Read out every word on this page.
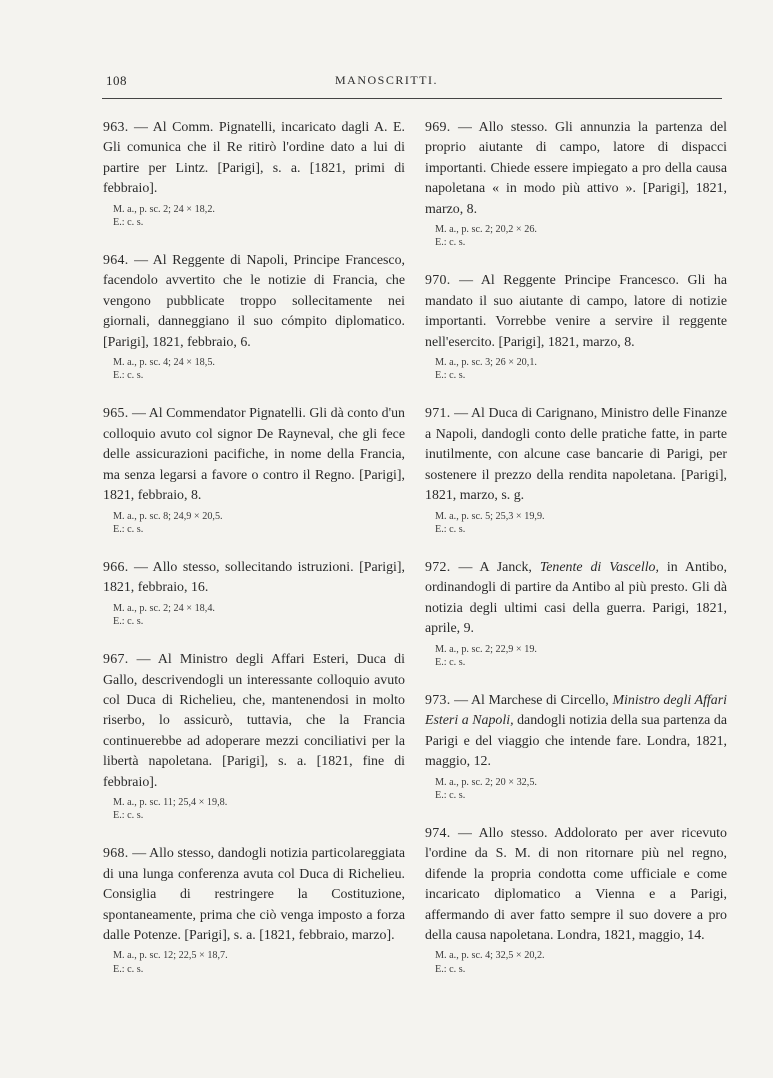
108	MANOSCRITTI.

963. — Al Comm. Pignatelli, incaricato dagli A. E. Gli comunica che il Re ritirò l'ordine dato a lui di partire per Lintz. [Parigi], s. a. [1821, primi di febbraio].

M. a., p. sc. 2; 24 × 18,2.
E.: c. s.

964. — Al Reggente di Napoli, Principe Francesco, facendolo avvertito che le notizie di Francia, che vengono pubblicate troppo sollecitamente nei giornali, danneggiano il suo cómpito diplomatico. [Parigi], 1821, febbraio, 6.

M. a., p. sc. 4; 24 × 18,5.
E.: c. s.

965. — Al Commendator Pignatelli. Gli dà conto d'un colloquio avuto col signor De Rayneval, che gli fece delle assicurazioni pacifiche, in nome della Francia, ma senza legarsi a favore o contro il Regno. [Parigi], 1821, febbraio, 8.

M. a., p. sc. 8; 24,9 × 20,5.
E.: c. s.

966. — Allo stesso, sollecitando istruzioni. [Parigi], 1821, febbraio, 16.

M. a., p. sc. 2; 24 × 18,4.
E.: c. s.

967. — Al Ministro degli Affari Esteri, Duca di Gallo, descrivendogli un interessante colloquio avuto col Duca di Richelieu, che, mantenendosi in molto riserbo, lo assicurò, tuttavia, che la Francia continuerebbe ad adoperare mezzi conciliativi per la libertà napoletana. [Parigi], s. a. [1821, fine di febbraio].

M. a., p. sc. 11; 25,4 × 19,8.
E.: c. s.

968. — Allo stesso, dandogli notizia particolareggiata di una lunga conferenza avuta col Duca di Richelieu. Consiglia di restringere la Costituzione, spontaneamente, prima che ciò venga imposto a forza dalle Potenze. [Parigi], s. a. [1821, febbraio, marzo].

M. a., p. sc. 12; 22,5 × 18,7.
E.: c. s.

969. — Allo stesso. Gli annunzia la partenza del proprio aiutante di campo, latore di dispacci importanti. Chiede essere impiegato a pro della causa napoletana « in modo più attivo ». [Parigi], 1821, marzo, 8.

M. a., p. sc. 2; 20,2 × 26.
E.: c. s.

970. — Al Reggente Principe Francesco. Gli ha mandato il suo aiutante di campo, latore di notizie importanti. Vorrebbe venire a servire il reggente nell'esercito. [Parigi], 1821, marzo, 8.

M. a., p. sc. 3; 26 × 20,1.
E.: c. s.

971. — Al Duca di Carignano, Ministro delle Finanze a Napoli, dandogli conto delle pratiche fatte, in parte inutilmente, con alcune case bancarie di Parigi, per sostenere il prezzo della rendita napoletana. [Parigi], 1821, marzo, s. g.

M. a., p. sc. 5; 25,3 × 19,9.
E.: c. s.

972. — A Janck, Tenente di Vascello, in Antibo, ordinandogli di partire da Antibo al più presto. Gli dà notizia degli ultimi casi della guerra. Parigi, 1821, aprile, 9.

M. a., p. sc. 2; 22,9 × 19.
E.: c. s.

973. — Al Marchese di Circello, Ministro degli Affari Esteri a Napoli, dandogli notizia della sua partenza da Parigi e del viaggio che intende fare. Londra, 1821, maggio, 12.

M. a., p. sc. 2; 20 × 32,5.
E.: c. s.

974. — Allo stesso. Addolorato per aver ricevuto l'ordine da S. M. di non ritornare più nel regno, difende la propria condotta come ufficiale e come incaricato diplomatico a Vienna e a Parigi, affermando di aver fatto sempre il suo dovere a pro della causa napoletana. Londra, 1821, maggio, 14.

M. a., p. sc. 4; 32,5 × 20,2.
E.: c. s.
